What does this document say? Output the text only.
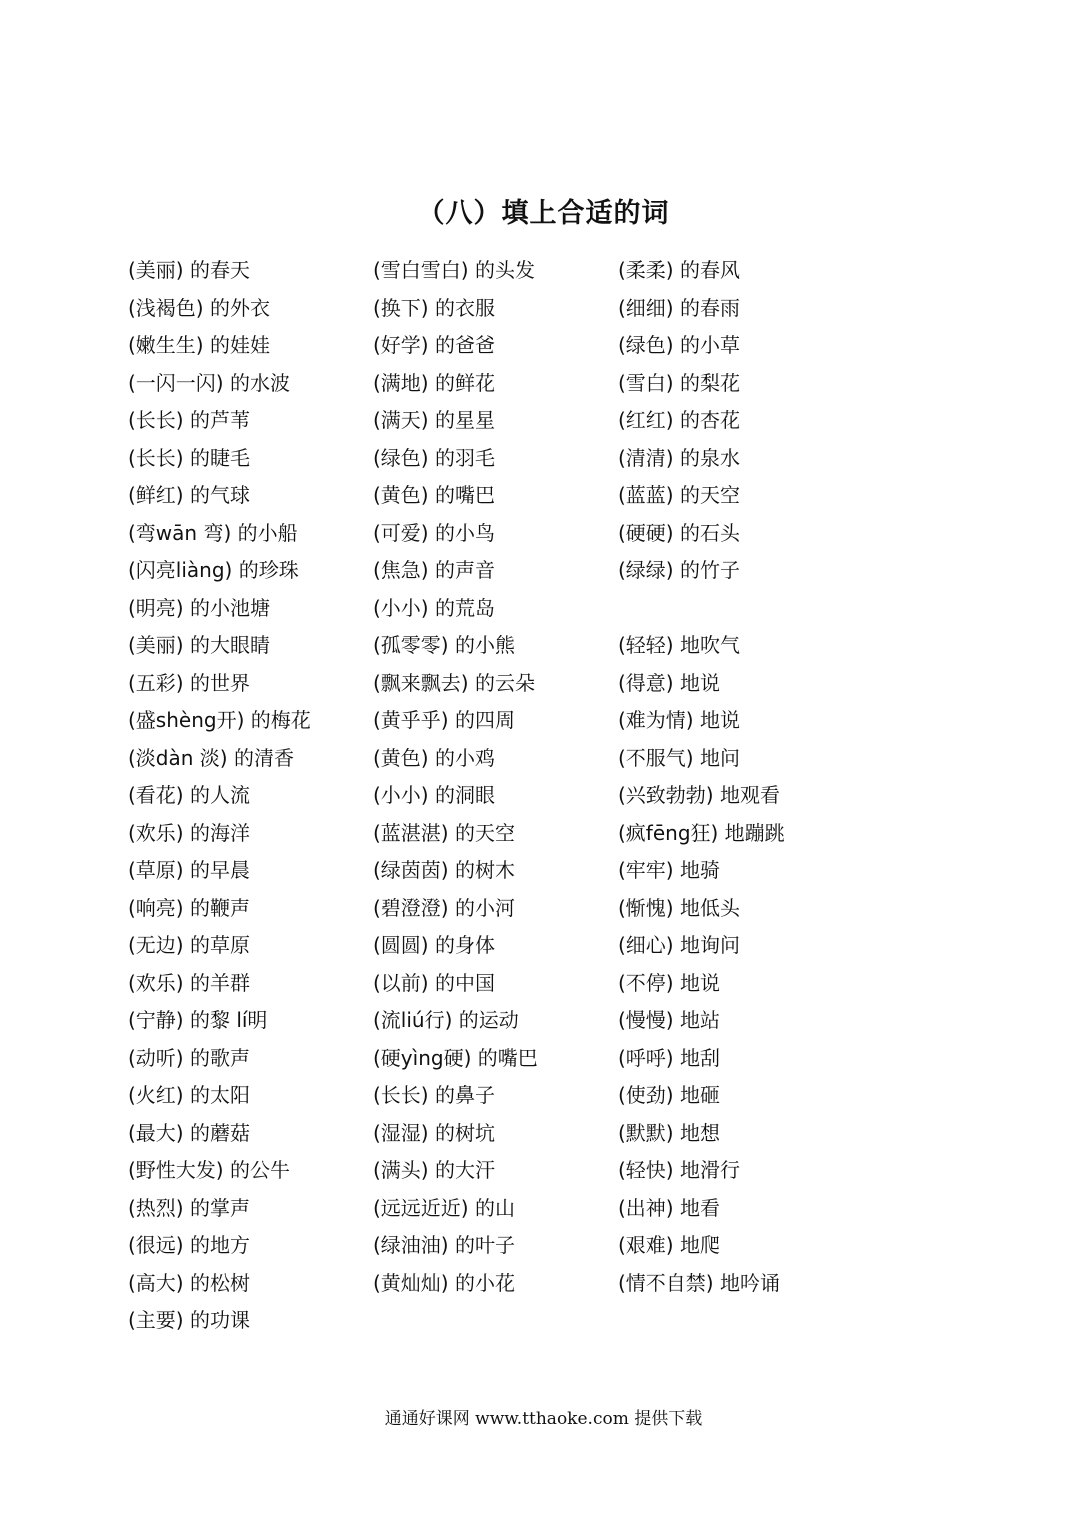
（八）填上合适的词
(美丽) 的春天
(浅褐色) 的外衣
(嫩生生) 的娃娃
(一闪一闪) 的水波
(长长) 的芦苇
(长长) 的睫毛
(鲜红) 的气球
(弯wān 弯) 的小船
(闪亮liàng) 的珍珠
(明亮) 的小池塘
(美丽) 的大眼睛
(五彩) 的世界
(盛shèng开) 的梅花
(淡dàn 淡) 的清香
(看花) 的人流
(欢乐) 的海洋
(草原) 的早晨
(响亮) 的鞭声
(无边) 的草原
(欢乐) 的羊群
(宁静) 的黎 lí明
(动听) 的歌声
(火红) 的太阳
(最大) 的蘑菇
(野性大发) 的公牛
(热烈) 的掌声
(很远) 的地方
(高大) 的松树
(主要) 的功课
(雪白雪白) 的头发
(换下) 的衣服
(好学) 的爸爸
(满地) 的鲜花
(满天) 的星星
(绿色) 的羽毛
(黄色) 的嘴巴
(可爱) 的小鸟
(焦急) 的声音
(小小) 的荒岛
(孤零零) 的小熊
(飘来飘去) 的云朵
(黄乎乎) 的四周
(黄色) 的小鸡
(小小) 的洞眼
(蓝湛湛) 的天空
(绿茵茵) 的树木
(碧澄澄) 的小河
(圆圆) 的身体
(以前) 的中国
(流liú行) 的运动
(硬yìng硬) 的嘴巴
(长长) 的鼻子
(湿湿) 的树坑
(满头) 的大汗
(远远近近) 的山
(绿油油) 的叶子
(黄灿灿) 的小花
(柔柔) 的春风
(细细) 的春雨
(绿色) 的小草
(雪白) 的梨花
(红红) 的杏花
(清清) 的泉水
(蓝蓝) 的天空
(硬硬) 的石头
(绿绿) 的竹子
(轻轻) 地吹气
(得意) 地说
(难为情) 地说
(不服气) 地问
(兴致勃勃) 地观看
(疯fēng狂) 地蹦跳
(牢牢) 地骑
(惭愧) 地低头
(细心) 地询问
(不停) 地说
(慢慢) 地站
(呼呼) 地刮
(使劲) 地砸
(默默) 地想
(轻快) 地滑行
(出神) 地看
(艰难) 地爬
(情不自禁) 地吟诵
通通好课网 www.tthaoke.com 提供下载
